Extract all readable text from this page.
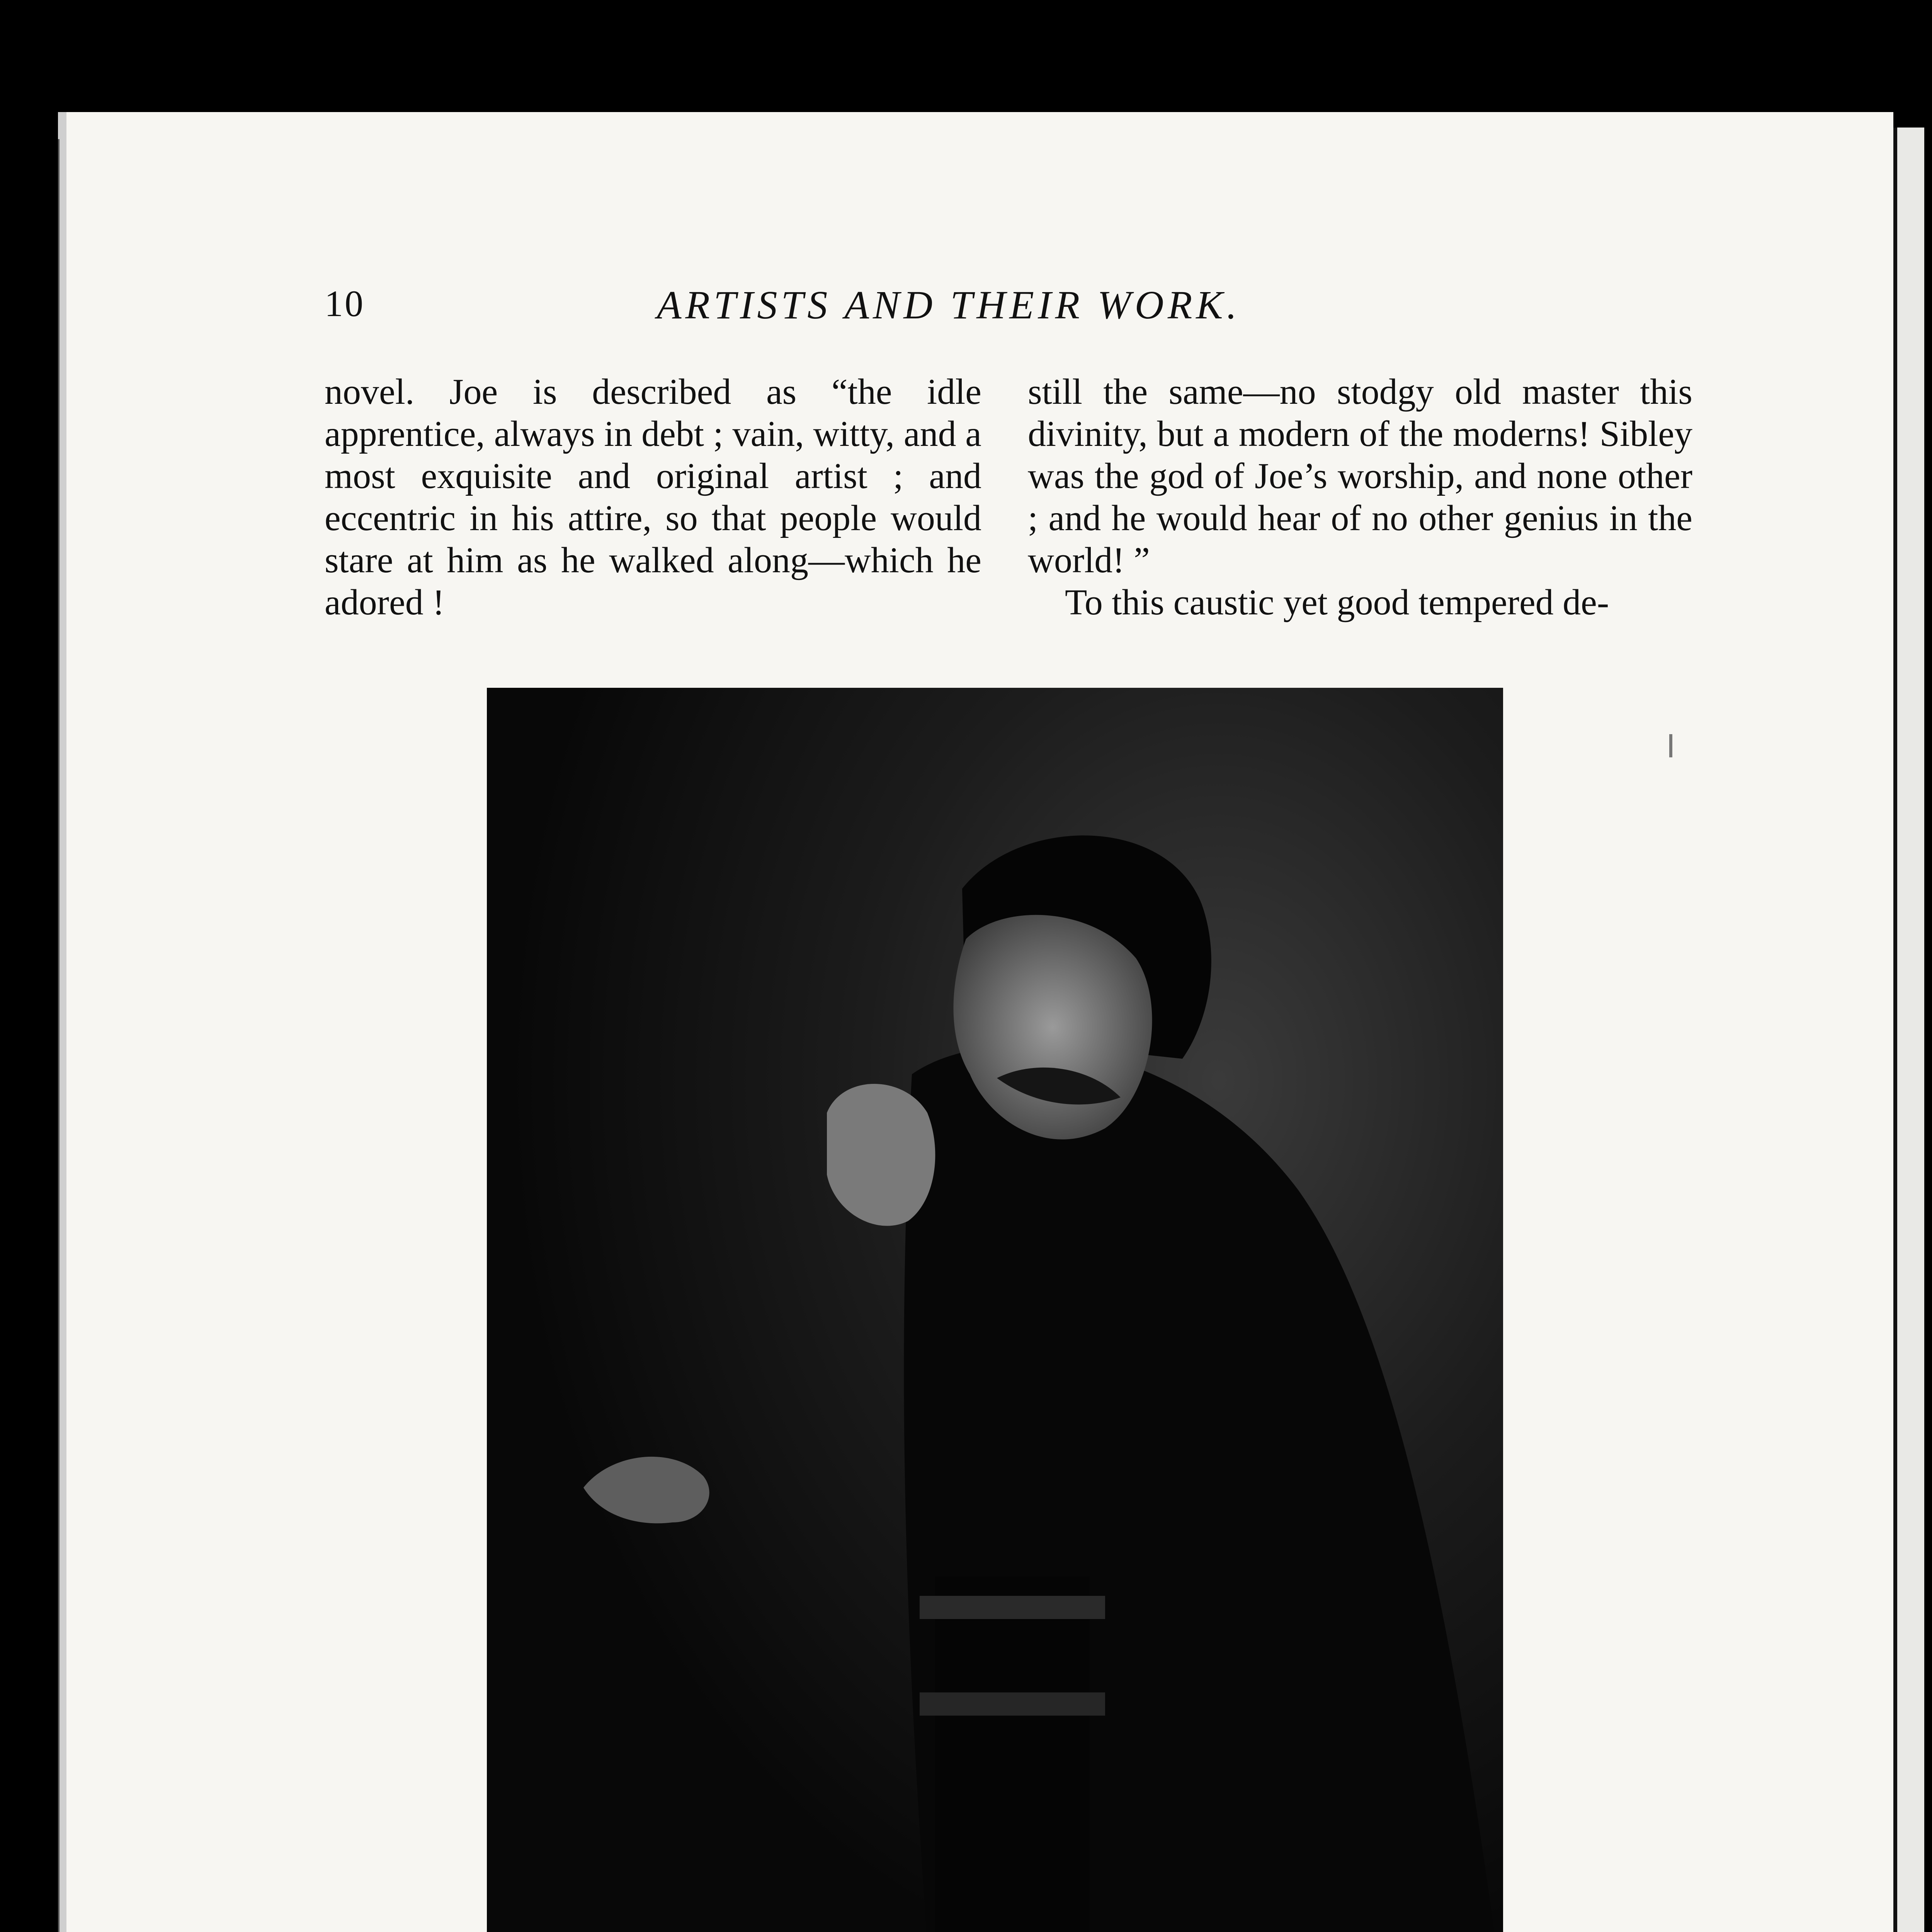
10	ARTISTS AND THEIR WORK.

novel. Joe is described as “the idle apprentice, always in debt ; vain, witty, and a most exquisite and original artist ; and eccentric in his attire, so that people would stare at him as he walked along—which he adored !

still the same—no stodgy old master this divinity, but a modern of the moderns! Sibley was the god of Joe’s worship, and none other ; and he would hear of no other genius in the world! ”

To this caustic yet good tempered de-
